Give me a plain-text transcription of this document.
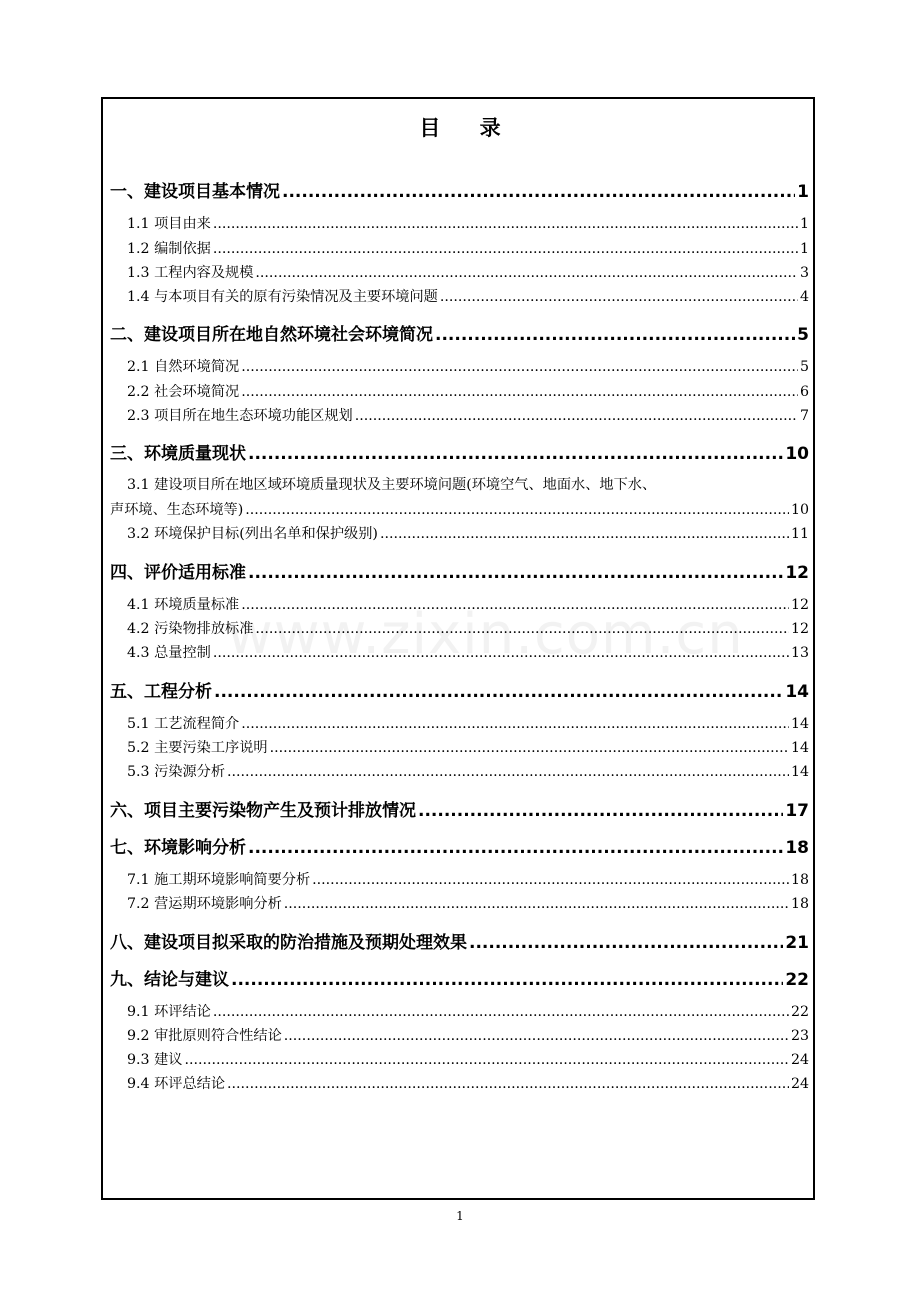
目 录
www.zixin.com.cn
一、建设项目基本情况 .....	1
1.1 项目由来 .....	1
1.2 编制依据 .....	1
1.3 工程内容及规模 .....	3
1.4 与本项目有关的原有污染情况及主要环境问题 .....	4
二、建设项目所在地自然环境社会环境简况 .....	5
2.1 自然环境简况 .....	5
2.2 社会环境简况 .....	6
2.3 项目所在地生态环境功能区规划 .....	7
三、环境质量现状 .....	10
3.1 建设项目所在地区域环境质量现状及主要环境问题(环境空气、地面水、地下水、
声环境、生态环境等) .....	10
3.2 环境保护目标(列出名单和保护级别) .....	11
四、评价适用标准 .....	12
4.1 环境质量标准 .....	12
4.2 污染物排放标准 .....	12
4.3 总量控制 .....	13
五、工程分析 .....	14
5.1 工艺流程简介 .....	14
5.2 主要污染工序说明 .....	14
5.3 污染源分析 .....	14
六、项目主要污染物产生及预计排放情况 .....	17
七、环境影响分析 .....	18
7.1 施工期环境影响简要分析 .....	18
7.2 营运期环境影响分析 .....	18
八、建设项目拟采取的防治措施及预期处理效果 .....	21
九、结论与建议 .....	22
9.1 环评结论 .....	22
9.2 审批原则符合性结论 .....	23
9.3 建议 .....	24
9.4 环评总结论 .....	24
1
